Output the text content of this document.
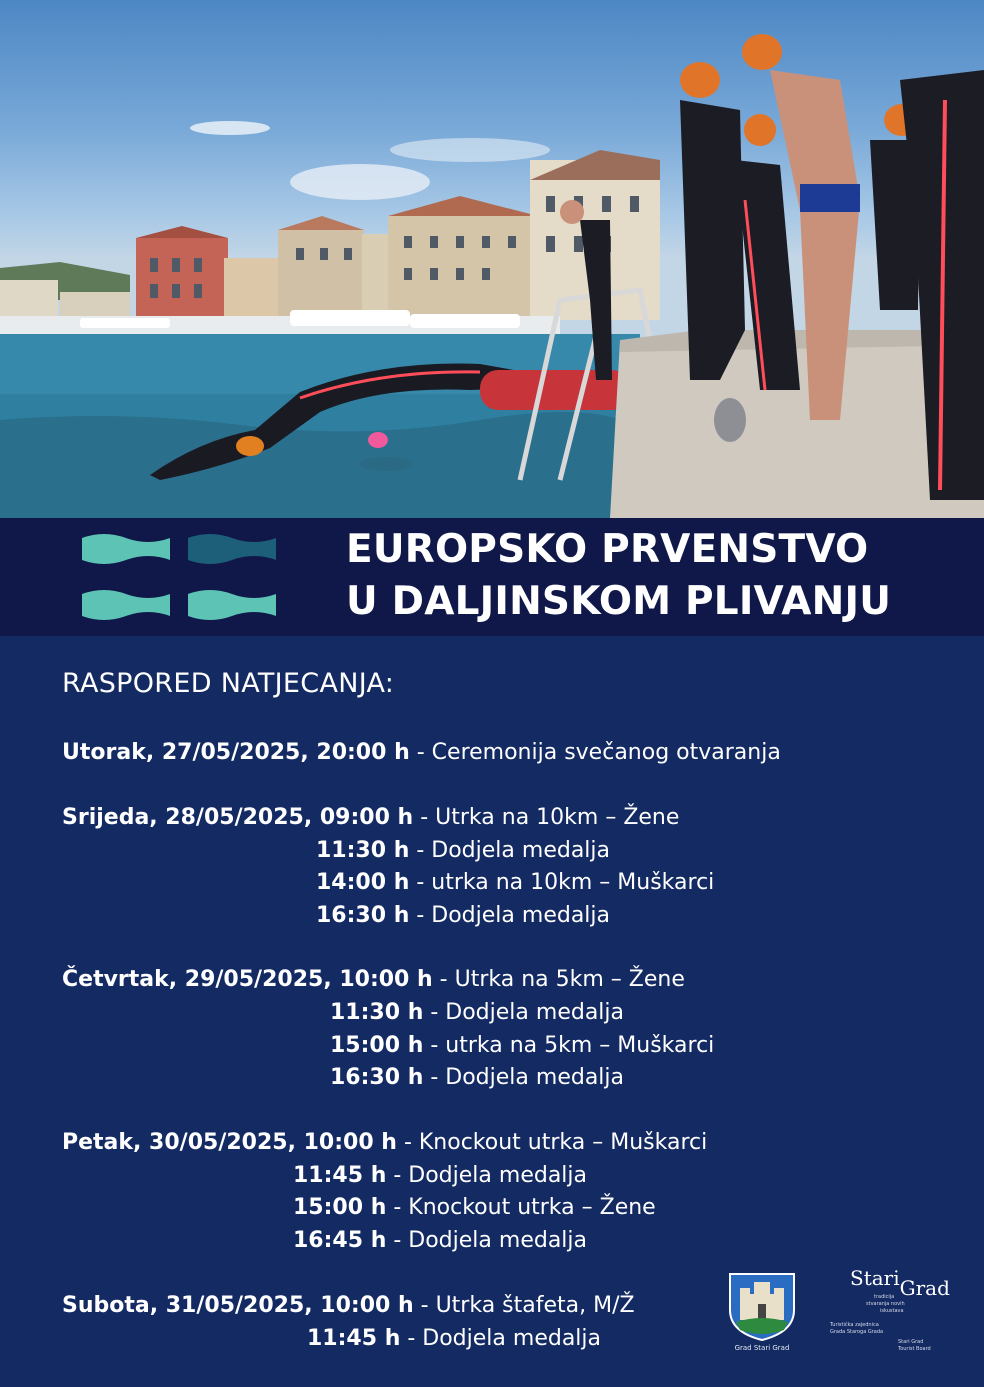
EUROPSKO PRVENSTVO
U DALJINSKOM PLIVANJU
RASPORED NATJECANJA:
Utorak, 27/05/2025, 20:00 h - Ceremonija svečanog otvaranja
Srijeda, 28/05/2025, 09:00 h - Utrka na 10km – Žene
11:30 h - Dodjela medalja
14:00 h - utrka na 10km – Muškarci
16:30 h - Dodjela medalja
Četvrtak, 29/05/2025, 10:00 h - Utrka na 5km – Žene
11:30 h - Dodjela medalja
15:00 h - utrka na 5km – Muškarci
16:30 h - Dodjela medalja
Petak, 30/05/2025, 10:00 h - Knockout utrka – Muškarci
11:45 h - Dodjela medalja
15:00 h - Knockout utrka – Žene
16:45 h - Dodjela medalja
Subota, 31/05/2025, 10:00 h - Utrka štafeta, M/Ž
11:45 h - Dodjela medalja	Grad Stari Grad
StariGrad
tradicija
stvaranja novih
iskustava
Turistička zajednica
Grada Staroga Grada
Stari Grad
Tourist Board
